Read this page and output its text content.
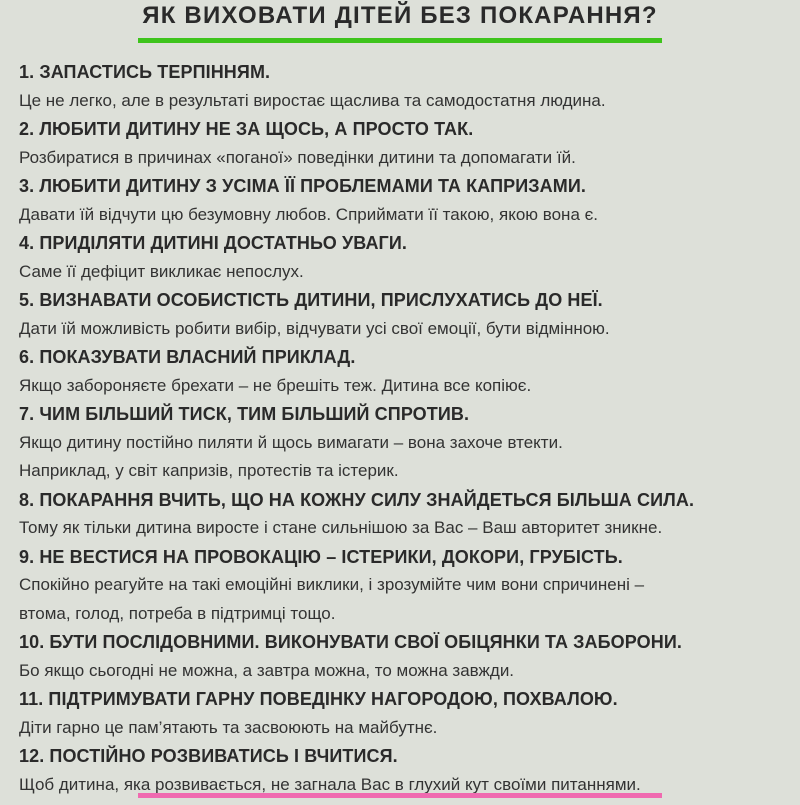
ЯК ВИХОВАТИ ДІТЕЙ БЕЗ ПОКАРАННЯ?
1. ЗАПАСТИСЬ ТЕРПІННЯМ.
Це не легко, але в результаті виростає щаслива та самодостатня людина.
2. ЛЮБИТИ ДИТИНУ НЕ ЗА ЩОСЬ, А ПРОСТО ТАК.
Розбиратися в причинах «поганої» поведінки дитини та допомагати їй.
3. ЛЮБИТИ ДИТИНУ З УСІМА ЇЇ ПРОБЛЕМАМИ ТА КАПРИЗАМИ.
Давати їй відчути цю безумовну любов. Сприймати її такою, якою вона є.
4. ПРИДІЛЯТИ ДИТИНІ ДОСТАТНЬО УВАГИ.
Саме її дефіцит викликає непослух.
5. ВИЗНАВАТИ ОСОБИСТІСТЬ ДИТИНИ, ПРИСЛУХАТИСЬ ДО НЕЇ.
Дати їй можливість робити вибір, відчувати усі свої емоції, бути відмінною.
6. ПОКАЗУВАТИ ВЛАСНИЙ ПРИКЛАД.
Якщо забороняєте брехати – не брешіть теж. Дитина все копіює.
7. ЧИМ БІЛЬШИЙ ТИСК, ТИМ БІЛЬШИЙ СПРОТИВ.
Якщо дитину постійно пиляти й щось вимагати – вона захоче втекти.
Наприклад, у світ капризів, протестів та істерик.
8. ПОКАРАННЯ ВЧИТЬ, ЩО НА КОЖНУ СИЛУ ЗНАЙДЕТЬСЯ БІЛЬША СИЛА.
Тому як тільки дитина виросте і стане сильнішою за Вас – Ваш авторитет зникне.
9. НЕ ВЕСТИСЯ НА ПРОВОКАЦІЮ – ІСТЕРИКИ, ДОКОРИ, ГРУБІСТЬ.
Спокійно реагуйте на такі емоційні виклики, і зрозумійте чим вони спричинені –
втома, голод, потреба в підтримці тощо.
10. БУТИ ПОСЛІДОВНИМИ. ВИКОНУВАТИ СВОЇ ОБІЦЯНКИ ТА ЗАБОРОНИ.
Бо якщо сьогодні не можна, а завтра можна, то можна завжди.
11. ПІДТРИМУВАТИ ГАРНУ ПОВЕДІНКУ НАГОРОДОЮ, ПОХВАЛОЮ.
Діти гарно це пам’ятають та засвоюють на майбутнє.
12. ПОСТІЙНО РОЗВИВАТИСЬ І ВЧИТИСЯ.
Щоб дитина, яка розвивається, не загнала Вас в глухий кут своїми питаннями.
